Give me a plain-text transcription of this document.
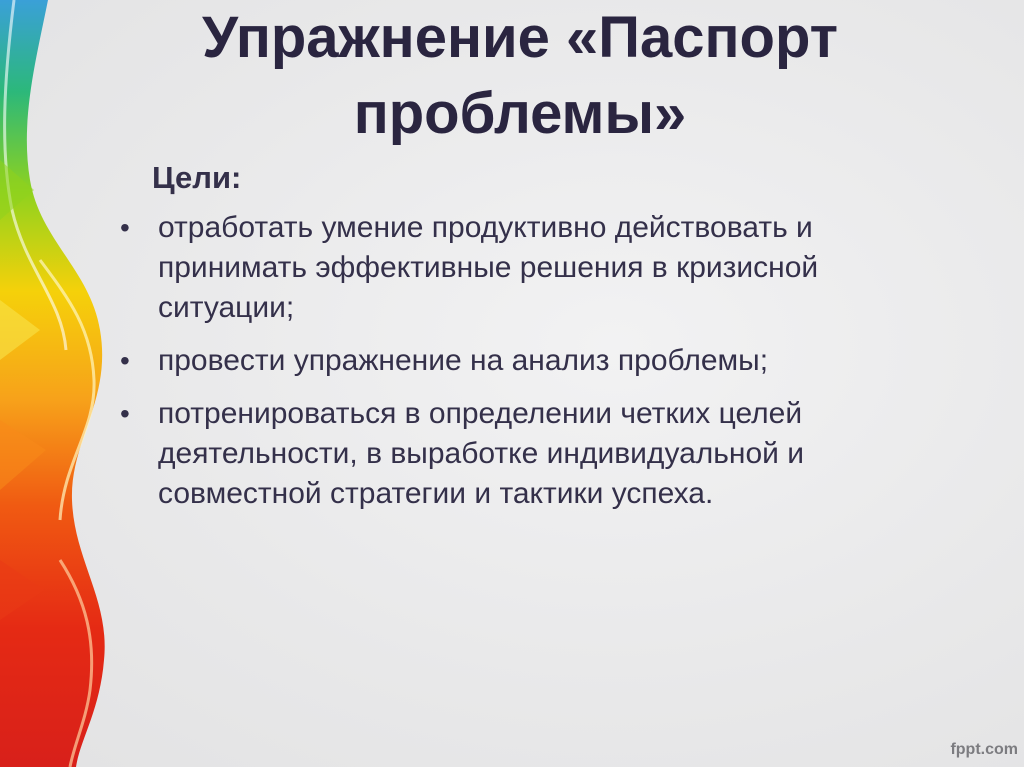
Упражнение «Паспорт
проблемы»
Цели:
• отработать умение продуктивно действовать и принимать эффективные решения в кризисной ситуации;
• провести упражнение на анализ проблемы;
• потренироваться в определении четких целей деятельности, в выработке индивидуальной и совместной стратегии и тактики успеха.
fppt.com
